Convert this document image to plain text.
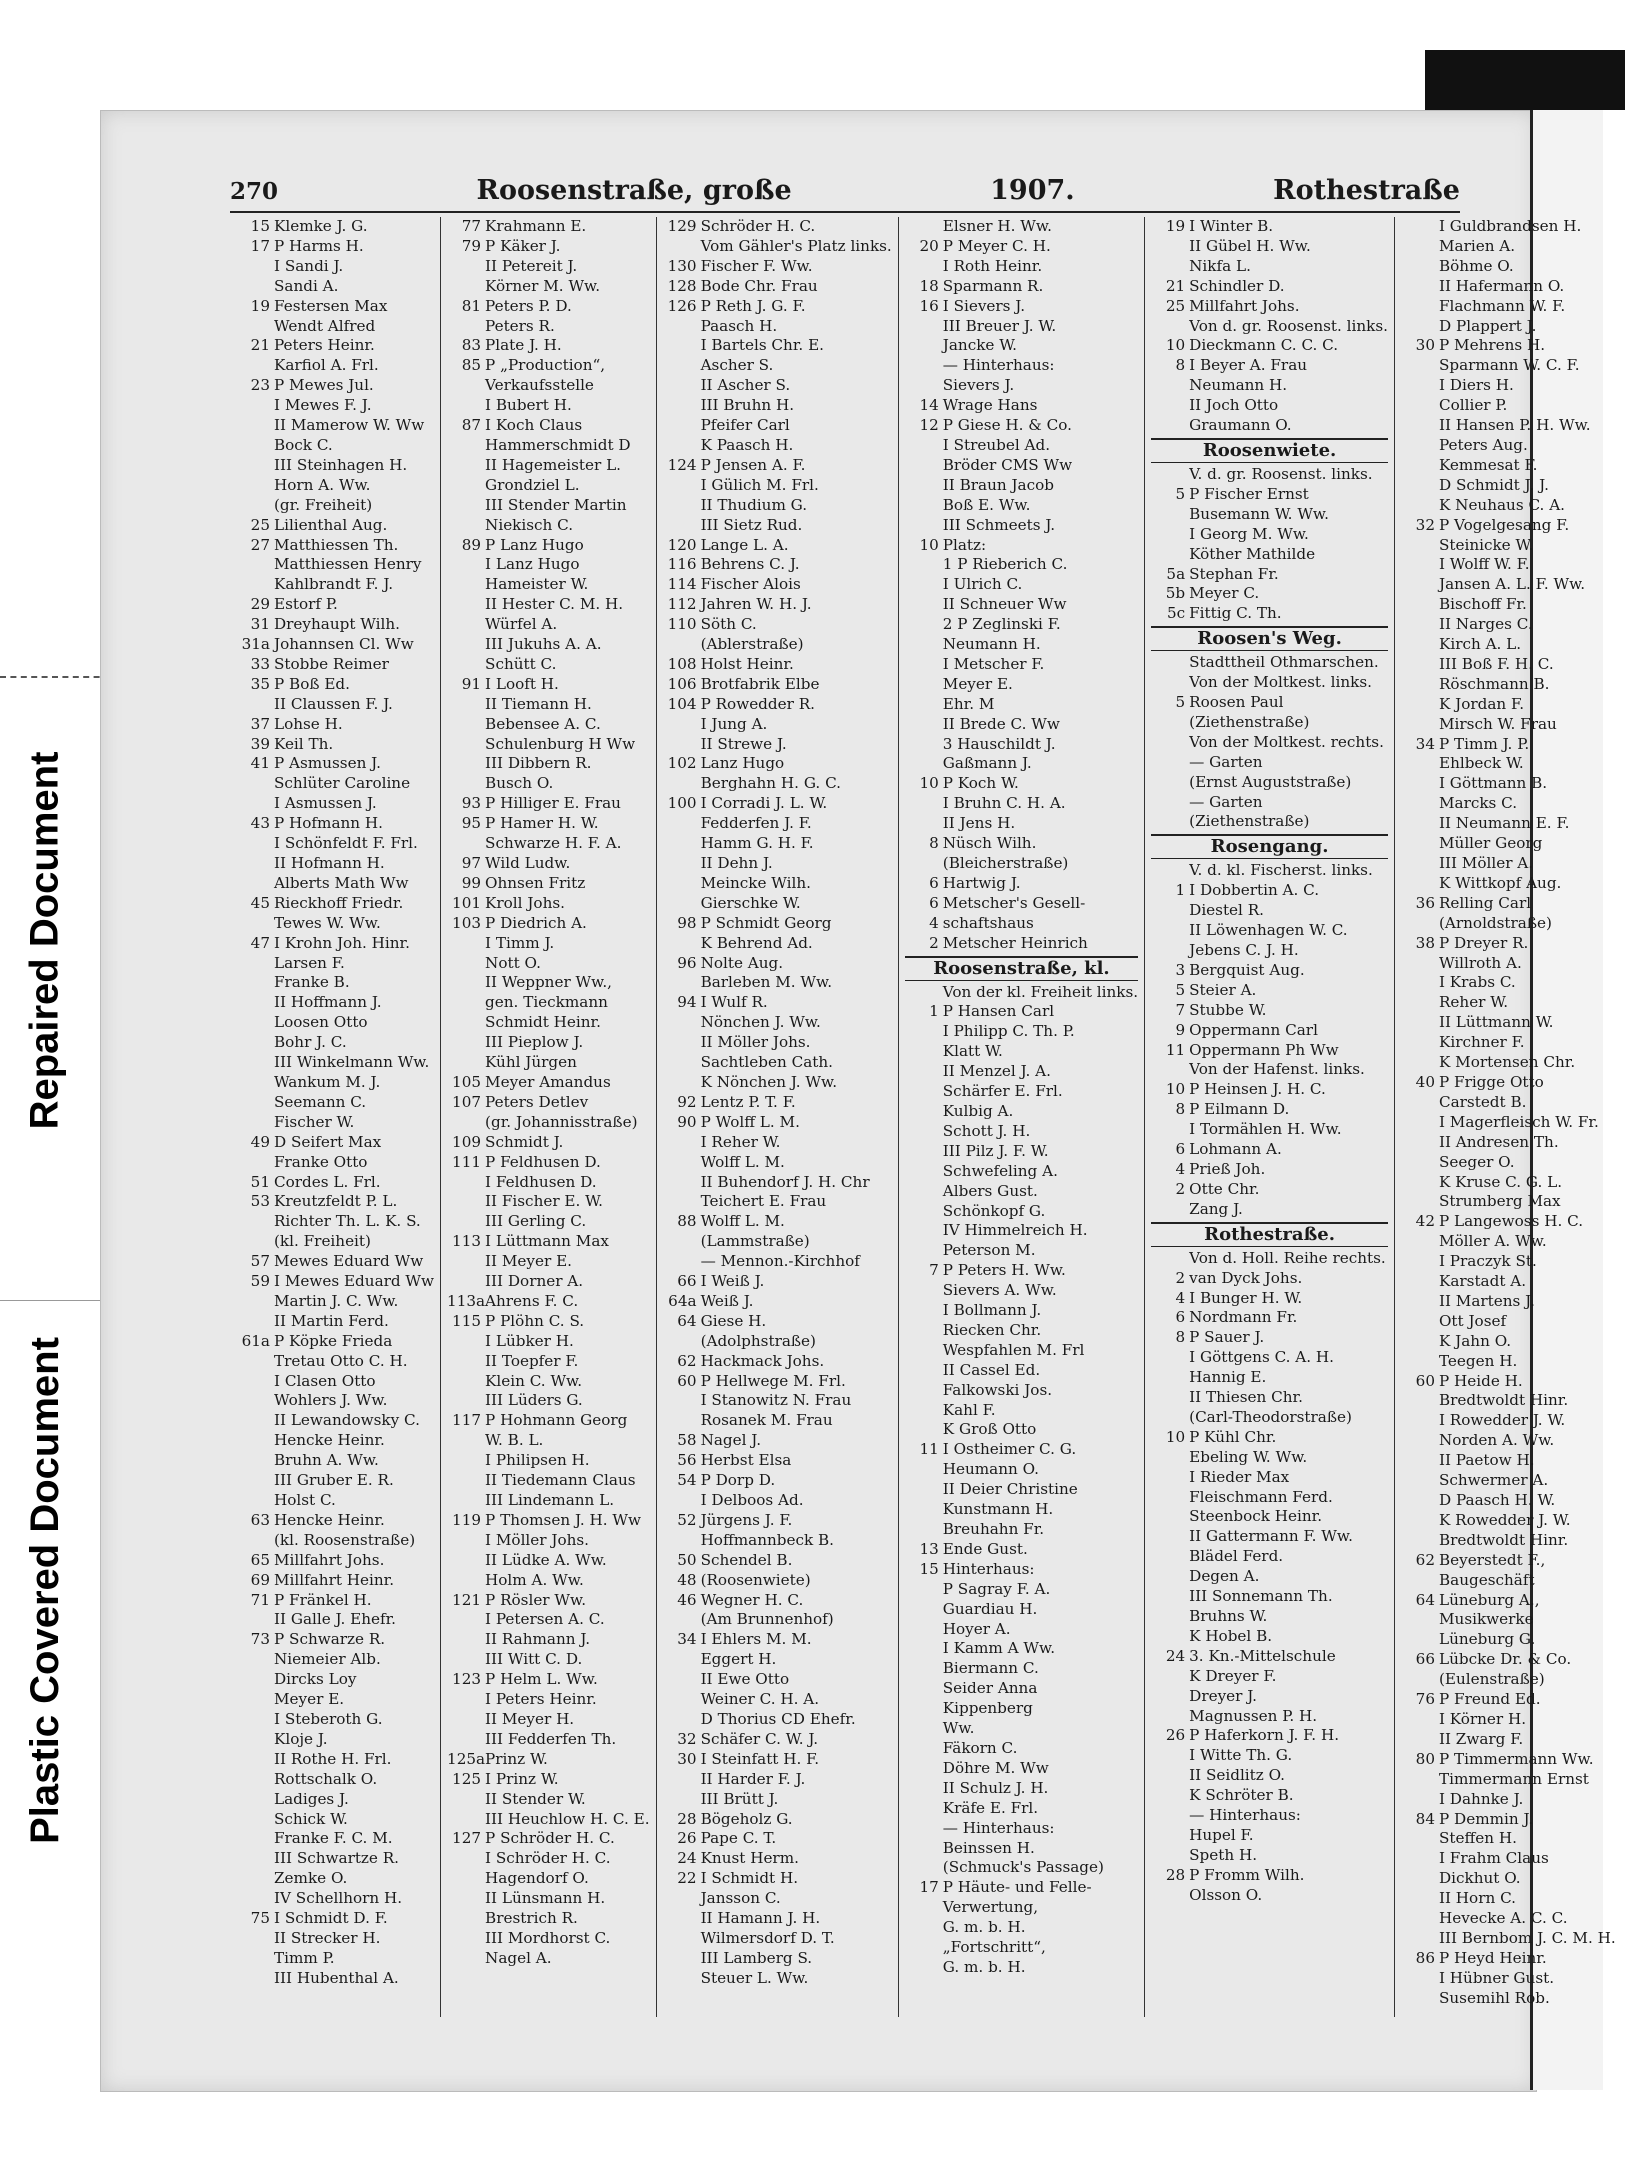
Repaired Document
Plastic Covered Document
270	Roosenstraße, große	1907.	Rothestraße
15 Klemke J. G.
17 P Harms H.
I Sandi J.
Sandi A.
19 Festersen Max
Wendt Alfred
21 Peters Heinr.
Karfiol A. Frl.
23 P Mewes Jul.
I Mewes F. J.
II Mamerow W. Ww
Bock C.
III Steinhagen H.
Horn A. Ww.
(gr. Freiheit)
25 Lilienthal Aug.
27 Matthiessen Th.
Matthiessen Henry
Kahlbrandt F. J.
29 Estorf P.
31 Dreyhaupt Wilh.
31a Johannsen Cl. Ww
33 Stobbe Reimer
35 P Boß Ed.
II Claussen F. J.
37 Lohse H.
39 Keil Th.
41 P Asmussen J.
Schlüter Caroline
I Asmussen J.
43 P Hofmann H.
I Schönfeldt F. Frl.
II Hofmann H.
Alberts Math Ww
45 Rieckhoff Friedr.
Tewes W. Ww.
47 I Krohn Joh. Hinr.
Larsen F.
Franke B.
II Hoffmann J.
Loosen Otto
Bohr J. C.
III Winkelmann Ww.
Wankum M. J.
Seemann C.
Fischer W.
49 D Seifert Max
Franke Otto
51 Cordes L. Frl.
53 Kreutzfeldt P. L.
Richter Th. L. K. S.
(kl. Freiheit)
57 Mewes Eduard Ww
59 I Mewes Eduard Ww
Martin J. C. Ww.
II Martin Ferd.
61a P Köpke Frieda
Tretau Otto C. H.
I Clasen Otto
Wohlers J. Ww.
II Lewandowsky C.
Hencke Heinr.
Bruhn A. Ww.
III Gruber E. R.
Holst C.
63 Hencke Heinr.
(kl. Roosenstraße)
65 Millfahrt Johs.
69 Millfahrt Heinr.
71 P Fränkel H.
II Galle J. Ehefr.
73 P Schwarze R.
Niemeier Alb.
Dircks Loy
Meyer E.
I Steberoth G.
Kloje J.
II Rothe H. Frl.
Rottschalk O.
Ladiges J.
Schick W.
Franke F. C. M.
III Schwartze R.
Zemke O.
IV Schellhorn H.
75 I Schmidt D. F.
II Strecker H.
Timm P.
III Hubenthal A.
77 Krahmann E.
79 P Käker J.
II Petereit J.
Körner M. Ww.
81 Peters P. D.
Peters R.
83 Plate J. H.
85 P „Production“,
Verkaufsstelle
I Bubert H.
87 I Koch Claus
Hammerschmidt D
II Hagemeister L.
Grondziel L.
III Stender Martin
Niekisch C.
89 P Lanz Hugo
I Lanz Hugo
Hameister W.
II Hester C. M. H.
Würfel A.
III Jukuhs A. A.
Schütt C.
91 I Looft H.
II Tiemann H.
Bebensee A. C.
Schulenburg H Ww
III Dibbern R.
Busch O.
93 P Hilliger E. Frau
95 P Hamer H. W.
Schwarze H. F. A.
97 Wild Ludw.
99 Ohnsen Fritz
101 Kroll Johs.
103 P Diedrich A.
I Timm J.
Nott O.
II Weppner Ww.,
gen. Tieckmann
Schmidt Heinr.
III Pieplow J.
Kühl Jürgen
105 Meyer Amandus
107 Peters Detlev
(gr. Johannisstraße)
109 Schmidt J.
111 P Feldhusen D.
I Feldhusen D.
II Fischer E. W.
III Gerling C.
113 I Lüttmann Max
II Meyer E.
III Dorner A.
113a Ahrens F. C.
115 P Plöhn C. S.
I Lübker H.
II Toepfer F.
Klein C. Ww.
III Lüders G.
117 P Hohmann Georg
W. B. L.
I Philipsen H.
II Tiedemann Claus
III Lindemann L.
119 P Thomsen J. H. Ww
I Möller Johs.
II Lüdke A. Ww.
Holm A. Ww.
121 P Rösler Ww.
I Petersen A. C.
II Rahmann J.
III Witt C. D.
123 P Helm L. Ww.
I Peters Heinr.
II Meyer H.
III Fedderfen Th.
125a Prinz W.
125 I Prinz W.
II Stender W.
III Heuchlow H. C. E.
127 P Schröder H. C.
I Schröder H. C.
Hagendorf O.
II Lünsmann H.
Brestrich R.
III Mordhorst C.
Nagel A.
129 Schröder H. C.
Vom Gähler's Platz links.
130 Fischer F. Ww.
128 Bode Chr. Frau
126 P Reth J. G. F.
Paasch H.
I Bartels Chr. E.
Ascher S.
II Ascher S.
III Bruhn H.
Pfeifer Carl
K Paasch H.
124 P Jensen A. F.
I Gülich M. Frl.
II Thudium G.
III Sietz Rud.
120 Lange L. A.
116 Behrens C. J.
114 Fischer Alois
112 Jahren W. H. J.
110 Söth C.
(Ablerstraße)
108 Holst Heinr.
106 Brotfabrik Elbe
104 P Rowedder R.
I Jung A.
II Strewe J.
102 Lanz Hugo
Berghahn H. G. C.
100 I Corradi J. L. W.
Fedderfen J. F.
Hamm G. H. F.
II Dehn J.
Meincke Wilh.
Gierschke W.
98 P Schmidt Georg
K Behrend Ad.
96 Nolte Aug.
Barleben M. Ww.
94 I Wulf R.
Nönchen J. Ww.
II Möller Johs.
Sachtleben Cath.
K Nönchen J. Ww.
92 Lentz P. T. F.
90 P Wolff L. M.
I Reher W.
Wolff L. M.
II Buhendorf J. H. Chr
Teichert E. Frau
88 Wolff L. M.
(Lammstraße)
— Mennon.-Kirchhof
66 I Weiß J.
64a Weiß J.
64 Giese H.
(Adolphstraße)
62 Hackmack Johs.
60 P Hellwege M. Frl.
I Stanowitz N. Frau
Rosanek M. Frau
58 Nagel J.
56 Herbst Elsa
54 P Dorp D.
I Delboos Ad.
52 Jürgens J. F.
Hoffmannbeck B.
50 Schendel B.
48 (Roosenwiete)
46 Wegner H. C.
(Am Brunnenhof)
34 I Ehlers M. M.
Eggert H.
II Ewe Otto
Weiner C. H. A.
D Thorius CD Ehefr.
32 Schäfer C. W. J.
30 I Steinfatt H. F.
II Harder F. J.
III Brütt J.
28 Bögeholz G.
26 Pape C. T.
24 Knust Herm.
22 I Schmidt H.
Jansson C.
II Hamann J. H.
Wilmersdorf D. T.
III Lamberg S.
Steuer L. Ww.
Elsner H. Ww.
20 P Meyer C. H.
I Roth Heinr.
18 Sparmann R.
16 I Sievers J.
III Breuer J. W.
Jancke W.
— Hinterhaus:
Sievers J.
14 Wrage Hans
12 P Giese H. & Co.
I Streubel Ad.
Bröder CMS Ww
II Braun Jacob
Boß E. Ww.
III Schmeets J.
10 Platz:
1 P Rieberich C.
I Ulrich C.
II Schneuer Ww
2 P Zeglinski F.
Neumann H.
I Metscher F.
Meyer E.
Ehr. M
II Brede C. Ww
3 Hauschildt J.
Gaßmann J.
10 P Koch W.
I Bruhn C. H. A.
II Jens H.
8 Nüsch Wilh.
(Bleicherstraße)
6 Hartwig J.
6 Metscher's Gesell-
4 schaftshaus
2 Metscher Heinrich
Roosenstraße, kl.
Von der kl. Freiheit links.
1 P Hansen Carl
I Philipp C. Th. P.
Klatt W.
II Menzel J. A.
Schärfer E. Frl.
Kulbig A.
Schott J. H.
III Pilz J. F. W.
Schwefeling A.
Albers Gust.
Schönkopf G.
IV Himmelreich H.
Peterson M.
7 P Peters H. Ww.
Sievers A. Ww.
I Bollmann J.
Riecken Chr.
Wespfahlen M. Frl
II Cassel Ed.
Falkowski Jos.
Kahl F.
K Groß Otto
11 I Ostheimer C. G.
Heumann O.
II Deier Christine
Kunstmann H.
Breuhahn Fr.
13 Ende Gust.
15 Hinterhaus:
P Sagray F. A.
Guardiau H.
Hoyer A.
I Kamm A Ww.
Biermann C.
Seider Anna
Kippenberg
Ww.
Fäkorn C.
Döhre M. Ww
II Schulz J. H.
Kräfe E. Frl.
— Hinterhaus:
Beinssen H.
(Schmuck's Passage)
17 P Häute- und Felle-
Verwertung,
G. m. b. H.
„Fortschritt“,
G. m. b. H.
19 I Winter B.
II Gübel H. Ww.
Nikfa L.
21 Schindler D.
25 Millfahrt Johs.
Von d. gr. Roosenst. links.
10 Dieckmann C. C. C.
8 I Beyer A. Frau
Neumann H.
II Joch Otto
Graumann O.
Roosenwiete.
V. d. gr. Roosenst. links.
5 P Fischer Ernst
Busemann W. Ww.
I Georg M. Ww.
Köther Mathilde
5a Stephan Fr.
5b Meyer C.
5c Fittig C. Th.
Roosen's Weg.
Stadttheil Othmarschen.
Von der Moltkest. links.
5 Roosen Paul
(Ziethenstraße)
Von der Moltkest. rechts.
— Garten
(Ernst Auguststraße)
— Garten
(Ziethenstraße)
Rosengang.
V. d. kl. Fischerst. links.
1 I Dobbertin A. C.
Diestel R.
II Löwenhagen W. C.
Jebens C. J. H.
3 Bergquist Aug.
5 Steier A.
7 Stubbe W.
9 Oppermann Carl
11 Oppermann Ph Ww
Von der Hafenst. links.
10 P Heinsen J. H. C.
8 P Eilmann D.
I Tormählen H. Ww.
6 Lohmann A.
4 Prieß Joh.
2 Otte Chr.
Zang J.
Rothestraße.
Von d. Holl. Reihe rechts.
2 van Dyck Johs.
4 I Bunger H. W.
6 Nordmann Fr.
8 P Sauer J.
I Göttgens C. A. H.
Hannig E.
II Thiesen Chr.
(Carl-Theodorstraße)
10 P Kühl Chr.
Ebeling W. Ww.
I Rieder Max
Fleischmann Ferd.
Steenbock Heinr.
II Gattermann F. Ww.
Blädel Ferd.
Degen A.
III Sonnemann Th.
Bruhns W.
K Hobel B.
24 3. Kn.-Mittelschule
K Dreyer F.
Dreyer J.
Magnussen P. H.
26 P Haferkorn J. F. H.
I Witte Th. G.
II Seidlitz O.
K Schröter B.
— Hinterhaus:
Hupel F.
Speth H.
28 P Fromm Wilh.
Olsson O.
I Guldbrandsen H.
Marien A.
Böhme O.
II Hafermann O.
Flachmann W. F.
D Plappert J.
30 P Mehrens H.
Sparmann W. C. F.
I Diers H.
Collier P.
II Hansen P. H. Ww.
Peters Aug.
Kemmesat F.
D Schmidt J. J.
K Neuhaus C. A.
32 P Vogelgesang F.
Steinicke W.
I Wolff W. F.
Jansen A. L. F. Ww.
Bischoff Fr.
II Narges C.
Kirch A. L.
III Boß F. H. C.
Röschmann B.
K Jordan F.
Mirsch W. Frau
34 P Timm J. P.
Ehlbeck W.
I Göttmann B.
Marcks C.
II Neumann E. F.
Müller Georg
III Möller A.
K Wittkopf Aug.
36 Relling Carl
(Arnoldstraße)
38 P Dreyer R.
Willroth A.
I Krabs C.
Reher W.
II Lüttmann W.
Kirchner F.
K Mortensen Chr.
40 P Frigge Otto
Carstedt B.
I Magerfleisch W. Fr.
II Andresen Th.
Seeger O.
K Kruse C. G. L.
Strumberg Max
42 P Langewoss H. C.
Möller A. Ww.
I Praczyk St.
Karstadt A.
II Martens J.
Ott Josef
K Jahn O.
Teegen H.
60 P Heide H.
Bredtwoldt Hinr.
I Rowedder J. W.
Norden A. Ww.
II Paetow H.
Schwermer A.
D Paasch H. W.
K Rowedder J. W.
Bredtwoldt Hinr.
62 Beyerstedt F.,
Baugeschäft
64 Lüneburg A.,
Musikwerke
Lüneburg G.
66 Lübcke Dr. & Co.
(Eulenstraße)
76 P Freund Ed.
I Körner H.
II Zwarg F.
80 P Timmermann Ww.
Timmermann Ernst
I Dahnke J.
84 P Demmin J.
Steffen H.
I Frahm Claus
Dickhut O.
II Horn C.
Hevecke A. C. C.
III Bernbom J. C. M. H.
86 P Heyd Heinr.
I Hübner Gust.
Susemihl Rob.
